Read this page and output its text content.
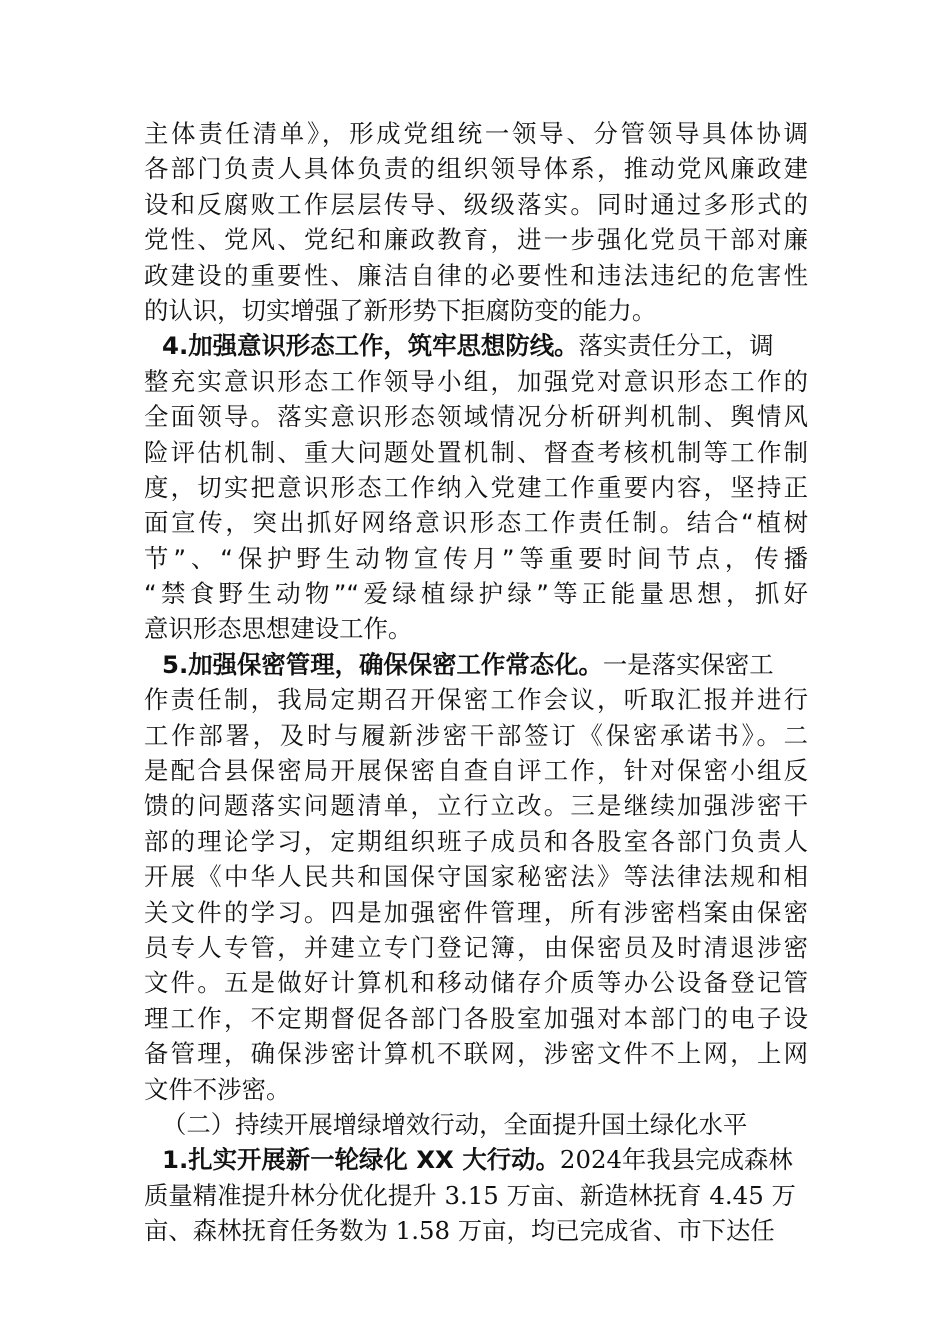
主体责任清单》，形成党组统一领导、分管领导具体协调
各部门负责人具体负责的组织领导体系，推动党风廉政建
设和反腐败工作层层传导、级级落实。同时通过多形式的
党性、党风、党纪和廉政教育，进一步强化党员干部对廉
政建设的重要性、廉洁自律的必要性和违法违纪的危害性
的认识，切实增强了新形势下拒腐防变的能力。
4.加强意识形态工作，筑牢思想防线。落实责任分工，调
整充实意识形态工作领导小组，加强党对意识形态工作的
全面领导。落实意识形态领域情况分析研判机制、舆情风
险评估机制、重大问题处置机制、督查考核机制等工作制
度，切实把意识形态工作纳入党建工作重要内容，坚持正
面宣传，突出抓好网络意识形态工作责任制。结合“植树
节”、“保护野生动物宣传月”等重要时间节点，传播
“禁食野生动物”“爱绿植绿护绿”等正能量思想，抓好
意识形态思想建设工作。
5.加强保密管理，确保保密工作常态化。一是落实保密工
作责任制，我局定期召开保密工作会议，听取汇报并进行
工作部署，及时与履新涉密干部签订《保密承诺书》。二
是配合县保密局开展保密自查自评工作，针对保密小组反
馈的问题落实问题清单，立行立改。三是继续加强涉密干
部的理论学习，定期组织班子成员和各股室各部门负责人
开展《中华人民共和国保守国家秘密法》等法律法规和相
关文件的学习。四是加强密件管理，所有涉密档案由保密
员专人专管，并建立专门登记簿，由保密员及时清退涉密
文件。五是做好计算机和移动储存介质等办公设备登记管
理工作，不定期督促各部门各股室加强对本部门的电子设
备管理，确保涉密计算机不联网，涉密文件不上网，上网
文件不涉密。
（二）持续开展增绿增效行动，全面提升国土绿化水平
1.扎实开展新一轮绿化 XX 大行动。2024年我县完成森林
质量精准提升林分优化提升 3.15 万亩、新造林抚育 4.45 万
亩、森林抚育任务数为 1.58 万亩，均已完成省、市下达任
